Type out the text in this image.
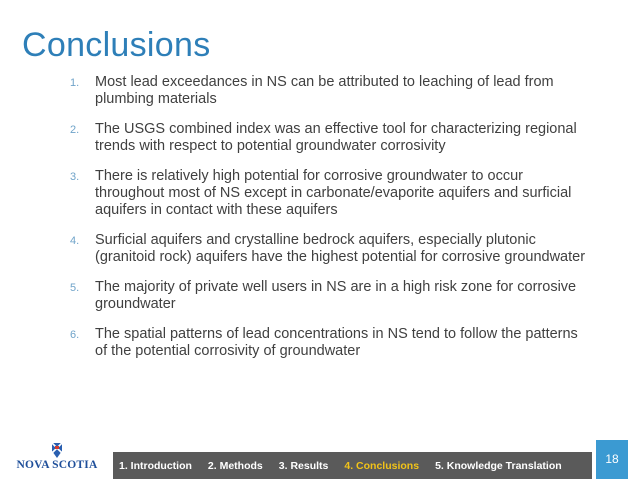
Conclusions
1.	Most lead exceedances in NS can be attributed to leaching of lead from plumbing materials
2.	The USGS combined index was an effective tool for characterizing regional trends with respect to potential groundwater corrosivity
3.	There is relatively high potential for corrosive groundwater to occur throughout most of NS except in carbonate/evaporite aquifers and surficial aquifers in contact with these aquifers
4.	Surficial aquifers and crystalline bedrock aquifers, especially plutonic (granitoid rock) aquifers have the highest potential for corrosive groundwater
5.	The majority of private well users in NS are in a high risk zone for corrosive groundwater
6.	The spatial patterns of lead concentrations in NS tend to follow the patterns of the potential corrosivity of groundwater
NOVA SCOTIA	1. Introduction 2. Methods 3. Results 4. Conclusions 5. Knowledge Translation	18
